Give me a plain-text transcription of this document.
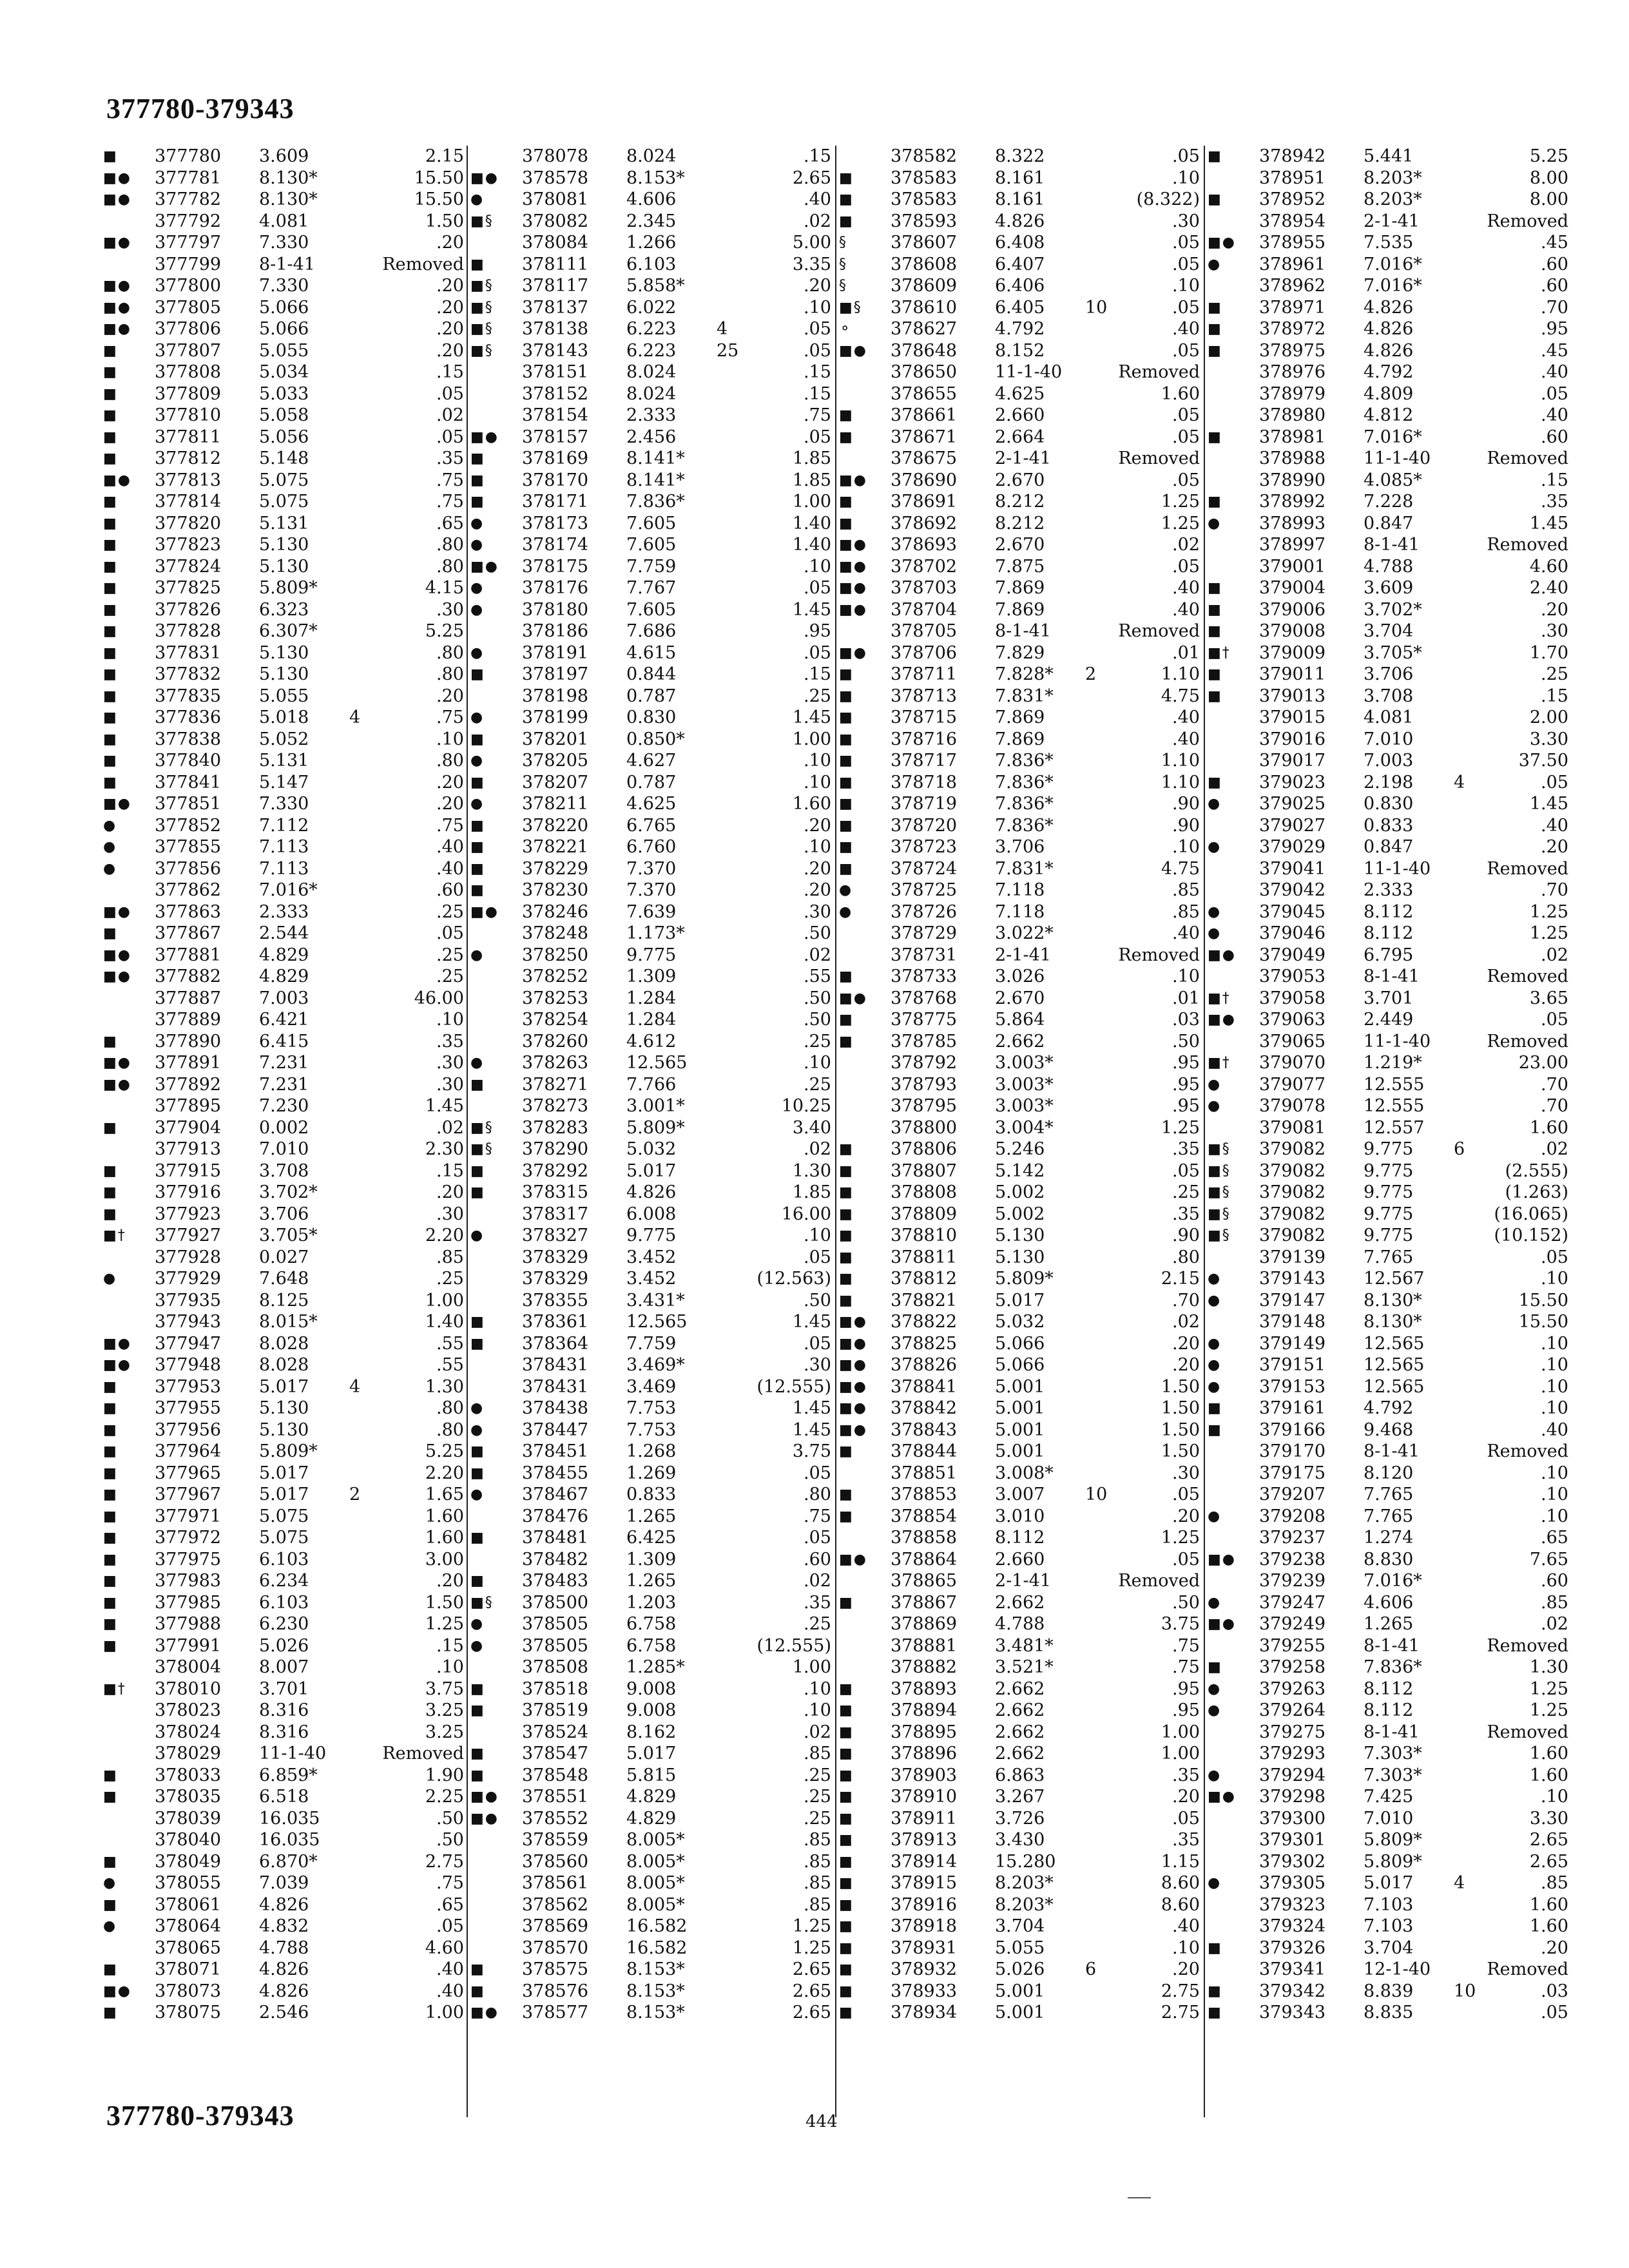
377780-379343
■ 377780 3.609	2.15
■● 377781 8.130*	15.50
■● 377782 8.130*	15.50
377792 4.081	1.50
■● 377797 7.330	.20
377799 8-1-41	Removed
■● 377800 7.330	.20
■● 377805 5.066	.20
■● 377806 5.066	.20
■ 377807 5.055	.20
■ 377808 5.034	.15
■ 377809 5.033	.05
■ 377810 5.058	.02
■ 377811 5.056	.05
■ 377812 5.148	.35
■● 377813 5.075	.75
■ 377814 5.075	.75
■ 377820 5.131	.65
■ 377823 5.130	.80
■ 377824 5.130	.80
■ 377825 5.809*	4.15
■ 377826 6.323	.30
■ 377828 6.307*	5.25
■ 377831 5.130	.80
■ 377832 5.130	.80
■ 377835 5.055	.20
■ 377836 5.018 4	.75
■ 377838 5.052	.10
■ 377840 5.131	.80
■ 377841 5.147	.20
■● 377851 7.330	.20
● 377852 7.112	.75
● 377855 7.113	.40
● 377856 7.113	.40
377862 7.016*	.60
■● 377863 2.333	.25
■ 377867 2.544	.05
■● 377881 4.829	.25
■● 377882 4.829	.25
377887 7.003	46.00
377889 6.421	.10
■ 377890 6.415	.35
■● 377891 7.231	.30
■● 377892 7.231	.30
377895 7.230	1.45
■ 377904 0.002	.02
377913 7.010	2.30
■ 377915 3.708	.15
■ 377916 3.702*	.20
■ 377923 3.706	.30
■† 377927 3.705*	2.20
377928 0.027	.85
● 377929 7.648	.25
377935 8.125	1.00
377943 8.015*	1.40
■● 377947 8.028	.55
■● 377948 8.028	.55
■ 377953 5.017 4	1.30
■ 377955 5.130	.80
■ 377956 5.130	.80
■ 377964 5.809*	5.25
■ 377965 5.017	2.20
■ 377967 5.017 2	1.65
■ 377971 5.075	1.60
■ 377972 5.075	1.60
■ 377975 6.103	3.00
■ 377983 6.234	.20
■ 377985 6.103	1.50
■ 377988 6.230	1.25
■ 377991 5.026	.15
378004 8.007	.10
■† 378010 3.701	3.75
378023 8.316	3.25
378024 8.316	3.25
378029 11-1-40	Removed
■ 378033 6.859*	1.90
■ 378035 6.518	2.25
378039 16.035	.50
378040 16.035	.50
■ 378049 6.870*	2.75
● 378055 7.039	.75
■ 378061 4.826	.65
● 378064 4.832	.05
378065 4.788	4.60
■ 378071 4.826	.40
■● 378073 4.826	.40
■ 378075 2.546	1.00
378078 8.024	.15
■● 378578 8.153*	2.65
● 378081 4.606	.40
■§ 378082 2.345	.02
378084 1.266	5.00
■ 378111 6.103	3.35
■§ 378117 5.858*	.20
■§ 378137 6.022	.10
■§ 378138 6.223 4	.05
■§ 378143 6.223 25	.05
378151 8.024	.15
378152 8.024	.15
378154 2.333	.75
■● 378157 2.456	.05
■ 378169 8.141*	1.85
■ 378170 8.141*	1.85
■ 378171 7.836*	1.00
● 378173 7.605	1.40
● 378174 7.605	1.40
■● 378175 7.759	.10
● 378176 7.767	.05
● 378180 7.605	1.45
378186 7.686	.95
● 378191 4.615	.05
■ 378197 0.844	.15
378198 0.787	.25
● 378199 0.830	1.45
■ 378201 0.850*	1.00
● 378205 4.627	.10
■ 378207 0.787	.10
● 378211 4.625	1.60
■ 378220 6.765	.20
■ 378221 6.760	.10
■ 378229 7.370	.20
■ 378230 7.370	.20
■● 378246 7.639	.30
378248 1.173*	.50
● 378250 9.775	.02
378252 1.309	.55
378253 1.284	.50
378254 1.284	.50
378260 4.612	.25
● 378263 12.565	.10
■ 378271 7.766	.25
378273 3.001*	10.25
■§ 378283 5.809*	3.40
■§ 378290 5.032	.02
■ 378292 5.017	1.30
■ 378315 4.826	1.85
378317 6.008	16.00
● 378327 9.775	.10
378329 3.452	.05
378329 3.452	(12.563)
378355 3.431*	.50
■ 378361 12.565	1.45
■ 378364 7.759	.05
378431 3.469*	.30
378431 3.469	(12.555)
● 378438 7.753	1.45
● 378447 7.753	1.45
■ 378451 1.268	3.75
■ 378455 1.269	.05
● 378467 0.833	.80
378476 1.265	.75
■ 378481 6.425	.05
378482 1.309	.60
■ 378483 1.265	.02
■§ 378500 1.203	.35
● 378505 6.758	.25
● 378505 6.758	(12.555)
378508 1.285*	1.00
■ 378518 9.008	.10
■ 378519 9.008	.10
378524 8.162	.02
■ 378547 5.017	.85
■ 378548 5.815	.25
■● 378551 4.829	.25
■● 378552 4.829	.25
378559 8.005*	.85
378560 8.005*	.85
378561 8.005*	.85
378562 8.005*	.85
378569 16.582	1.25
378570 16.582	1.25
■ 378575 8.153*	2.65
■ 378576 8.153*	2.65
■● 378577 8.153*	2.65
378582 8.322	.05
■ 378583 8.161	.10
■ 378583 8.161	(8.322)
■ 378593 4.826	.30
§ 378607 6.408	.05
§ 378608 6.407	.05
§ 378609 6.406	.10
■§ 378610 6.405 10	.05
⚬ 378627 4.792	.40
■● 378648 8.152	.05
378650 11-1-40	Removed
378655 4.625	1.60
■ 378661 2.660	.05
■ 378671 2.664	.05
378675 2-1-41	Removed
■● 378690 2.670	.05
■ 378691 8.212	1.25
■ 378692 8.212	1.25
■● 378693 2.670	.02
■● 378702 7.875	.05
■● 378703 7.869	.40
■● 378704 7.869	.40
378705 8-1-41	Removed
■● 378706 7.829	.01
■ 378711 7.828* 2	1.10
■ 378713 7.831*	4.75
■ 378715 7.869	.40
■ 378716 7.869	.40
■ 378717 7.836*	1.10
■ 378718 7.836*	1.10
■ 378719 7.836*	.90
■ 378720 7.836*	.90
■ 378723 3.706	.10
■ 378724 7.831*	4.75
● 378725 7.118	.85
● 378726 7.118	.85
378729 3.022*	.40
378731 2-1-41	Removed
■ 378733 3.026	.10
■● 378768 2.670	.01
■ 378775 5.864	.03
■ 378785 2.662	.50
378792 3.003*	.95
378793 3.003*	.95
378795 3.003*	.95
378800 3.004*	1.25
■ 378806 5.246	.35
■ 378807 5.142	.05
■ 378808 5.002	.25
■ 378809 5.002	.35
■ 378810 5.130	.90
■ 378811 5.130	.80
■ 378812 5.809*	2.15
■ 378821 5.017	.70
■● 378822 5.032	.02
■● 378825 5.066	.20
■● 378826 5.066	.20
■● 378841 5.001	1.50
■● 378842 5.001	1.50
■● 378843 5.001	1.50
■ 378844 5.001	1.50
378851 3.008*	.30
■ 378853 3.007 10	.05
■ 378854 3.010	.20
378858 8.112	1.25
■● 378864 2.660	.05
378865 2-1-41	Removed
■ 378867 2.662	.50
378869 4.788	3.75
378881 3.481*	.75
378882 3.521*	.75
■ 378893 2.662	.95
■ 378894 2.662	.95
■ 378895 2.662	1.00
■ 378896 2.662	1.00
■ 378903 6.863	.35
■ 378910 3.267	.20
■ 378911 3.726	.05
■ 378913 3.430	.35
■ 378914 15.280	1.15
■ 378915 8.203*	8.60
■ 378916 8.203*	8.60
■ 378918 3.704	.40
■ 378931 5.055	.10
■ 378932 5.026 6	.20
■ 378933 5.001	2.75
■ 378934 5.001	2.75
■ 378942 5.441	5.25
378951 8.203*	8.00
■ 378952 8.203*	8.00
378954 2-1-41	Removed
■● 378955 7.535	.45
● 378961 7.016*	.60
378962 7.016*	.60
■ 378971 4.826	.70
■ 378972 4.826	.95
■ 378975 4.826	.45
378976 4.792	.40
378979 4.809	.05
378980 4.812	.40
■ 378981 7.016*	.60
378988 11-1-40	Removed
378990 4.085*	.15
■ 378992 7.228	.35
● 378993 0.847	1.45
378997 8-1-41	Removed
379001 4.788	4.60
■ 379004 3.609	2.40
■ 379006 3.702*	.20
■ 379008 3.704	.30
■† 379009 3.705*	1.70
■ 379011 3.706	.25
■ 379013 3.708	.15
379015 4.081	2.00
379016 7.010	3.30
379017 7.003	37.50
■ 379023 2.198 4	.05
● 379025 0.830	1.45
379027 0.833	.40
● 379029 0.847	.20
379041 11-1-40	Removed
379042 2.333	.70
● 379045 8.112	1.25
● 379046 8.112	1.25
■● 379049 6.795	.02
379053 8-1-41	Removed
■† 379058 3.701	3.65
■● 379063 2.449	.05
379065 11-1-40	Removed
■† 379070 1.219*	23.00
● 379077 12.555	.70
● 379078 12.555	.70
379081 12.557	1.60
■§ 379082 9.775 6	.02
■§ 379082 9.775	(2.555)
■§ 379082 9.775	(1.263)
■§ 379082 9.775	(16.065)
■§ 379082 9.775	(10.152)
379139 7.765	.05
● 379143 12.567	.10
● 379147 8.130*	15.50
379148 8.130*	15.50
● 379149 12.565	.10
● 379151 12.565	.10
● 379153 12.565	.10
■ 379161 4.792	.10
■ 379166 9.468	.40
379170 8-1-41	Removed
379175 8.120	.10
379207 7.765	.10
● 379208 7.765	.10
379237 1.274	.65
■● 379238 8.830	7.65
379239 7.016*	.60
● 379247 4.606	.85
■● 379249 1.265	.02
379255 8-1-41	Removed
■ 379258 7.836*	1.30
● 379263 8.112	1.25
● 379264 8.112	1.25
379275 8-1-41	Removed
379293 7.303*	1.60
● 379294 7.303*	1.60
■● 379298 7.425	.10
379300 7.010	3.30
379301 5.809*	2.65
379302 5.809*	2.65
● 379305 5.017 4	.85
379323 7.103	1.60
379324 7.103	1.60
■ 379326 3.704	.20
379341 12-1-40	Removed
■ 379342 8.839 10	.03
■ 379343 8.835	.05
377780-379343	444
